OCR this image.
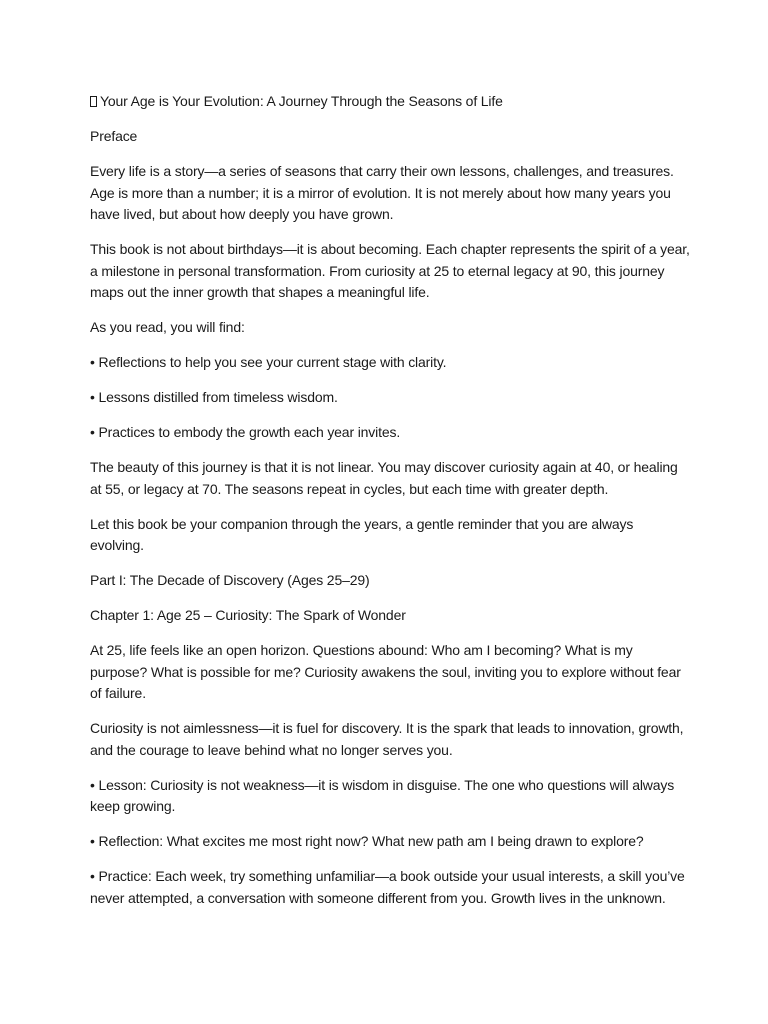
Your Age is Your Evolution: A Journey Through the Seasons of Life

Preface

Every life is a story—a series of seasons that carry their own lessons, challenges, and treasures. Age is more than a number; it is a mirror of evolution. It is not merely about how many years you have lived, but about how deeply you have grown.

This book is not about birthdays—it is about becoming. Each chapter represents the spirit of a year, a milestone in personal transformation. From curiosity at 25 to eternal legacy at 90, this journey maps out the inner growth that shapes a meaningful life.

As you read, you will find:

• Reflections to help you see your current stage with clarity.

• Lessons distilled from timeless wisdom.

• Practices to embody the growth each year invites.

The beauty of this journey is that it is not linear. You may discover curiosity again at 40, or healing at 55, or legacy at 70. The seasons repeat in cycles, but each time with greater depth.

Let this book be your companion through the years, a gentle reminder that you are always evolving.

Part I: The Decade of Discovery (Ages 25–29)

Chapter 1: Age 25 – Curiosity: The Spark of Wonder

At 25, life feels like an open horizon. Questions abound: Who am I becoming? What is my purpose? What is possible for me? Curiosity awakens the soul, inviting you to explore without fear of failure.

Curiosity is not aimlessness—it is fuel for discovery. It is the spark that leads to innovation, growth, and the courage to leave behind what no longer serves you.

• Lesson: Curiosity is not weakness—it is wisdom in disguise. The one who questions will always keep growing.

• Reflection: What excites me most right now? What new path am I being drawn to explore?

• Practice: Each week, try something unfamiliar—a book outside your usual interests, a skill you’ve never attempted, a conversation with someone different from you. Growth lives in the unknown.
